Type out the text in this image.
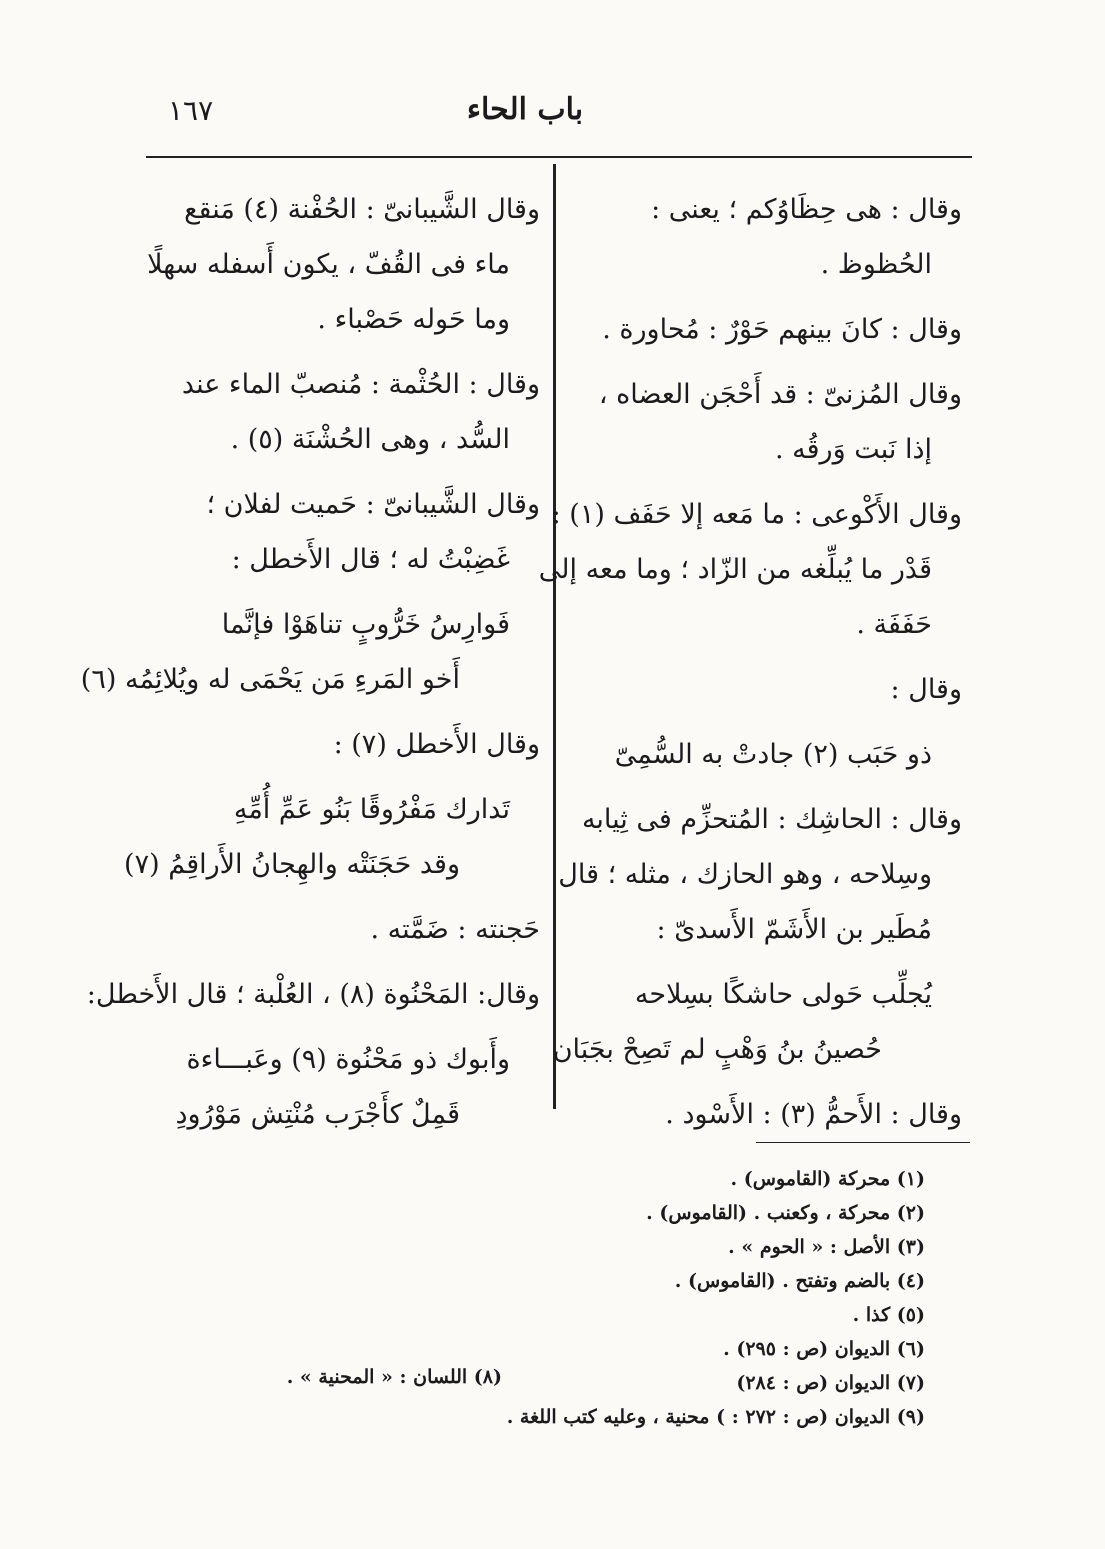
باب الحاء
١٦٧
وقال : هى حِظَاوُكم ؛ يعنى :
الحُظوظ .
وقال : كانَ بينهم حَوْرٌ : مُحاورة .
وقال المُزنىّ : قد أَحْجَن العضاه ،
إذا نَبت وَرقُه .
وقال الأَكْوعى : ما مَعه إلا حَفَف (١) :
قَدْر ما يُبلِّغه من الزّاد ؛ وما معه إلى
حَفَفَة .
وقال :
ذو حَبَب (٢) جادتْ به السُّمِىّ
وقال : الحاشِك : المُتحزِّم فى ثِيابه
وسِلاحه ، وهو الحازك ، مثله ؛ قال
مُطَير بن الأَشَمّ الأَسدىّ :
يُجلِّب حَولى حاشكًا بسِلاحه
حُصينُ بنُ وَهْبٍ لم تَصِحْ بجَبَان
وقال : الأَحمُّ (٣) : الأَسْود .
وقال الشَّيبانىّ : الحُفْنة (٤) مَنقع
ماء فى القُفّ ، يكون أَسفله سهلًا
وما حَوله حَصْباء .
وقال : الحُثْمة : مُنصبّ الماء عند
السُّد ، وهى الحُشْنَة (٥) .
وقال الشَّيبانىّ : حَميت لفلان ؛
غَضِبْتُ له ؛ قال الأَخطل :
فَوارِسُ خَرُّوبٍ تناهَوْا فإنَّما
أَخو المَرءِ مَن يَحْمَى له ويُلائِمُه (٦)
وقال الأَخطل (٧) :
تَدارك مَفْرُوقًا بَنُو عَمِّ أُمِّهِ
وقد حَجَنَتْه والهِجانُ الأَراقِمُ (٧)
حَجنته : ضَمَّته .
وقال: المَحْنُوة (٨) ، العُلْبة ؛ قال الأَخطل:
وأَبوك ذو مَحْنُوة (٩) وعَبـــاءة
قَمِلٌ كأَجْرَب مُنْتِش مَوْرُودِ
(١) محركة (القاموس) .
(٢) محركة ، وكعنب . (القاموس) .
(٣) الأصل : « الحوم » .
(٤) بالضم وتفتح . (القاموس) .
(٥) كذا .
(٦) الديوان (ص : ٢٩٥) .
(٧) الديوان (ص : ٢٨٤)
(٩) الديوان (ص : ٢٧٢ : ) محنية ، وعليه كتب اللغة .
(٨) اللسان : « المحنية » .
